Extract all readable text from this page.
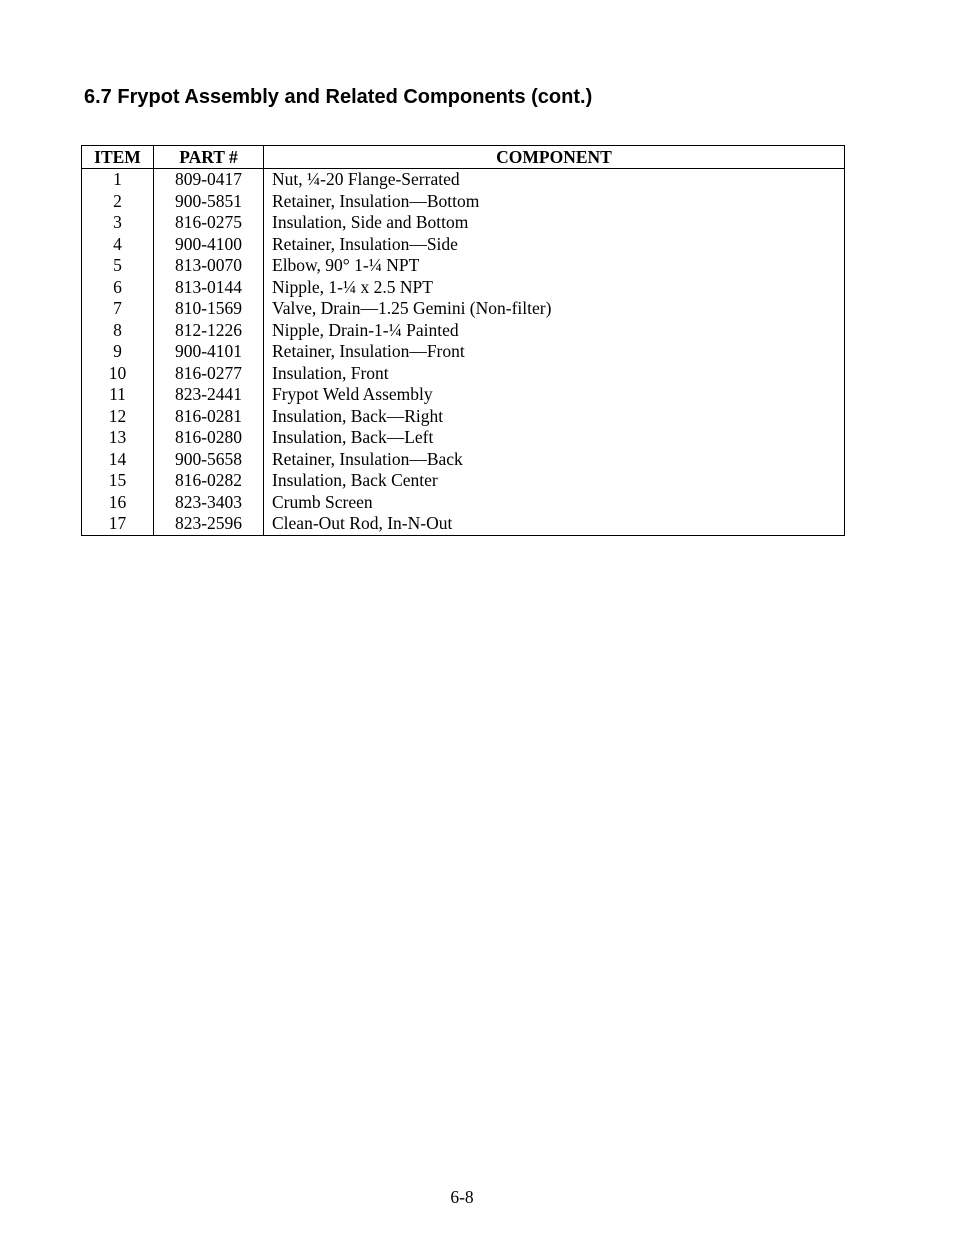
6.7 Frypot Assembly and Related Components (cont.)
ITEM	PART #	COMPONENT
1	809-0417	Nut, ¼-20 Flange-Serrated
2	900-5851	Retainer, Insulation—Bottom
3	816-0275	Insulation, Side and Bottom
4	900-4100	Retainer, Insulation—Side
5	813-0070	Elbow, 90° 1-¼ NPT
6	813-0144	Nipple, 1-¼ x 2.5 NPT
7	810-1569	Valve, Drain—1.25 Gemini (Non-filter)
8	812-1226	Nipple, Drain-1-¼ Painted
9	900-4101	Retainer, Insulation—Front
10	816-0277	Insulation, Front
11	823-2441	Frypot Weld Assembly
12	816-0281	Insulation, Back—Right
13	816-0280	Insulation, Back—Left
14	900-5658	Retainer, Insulation—Back
15	816-0282	Insulation, Back Center
16	823-3403	Crumb Screen
17	823-2596	Clean-Out Rod, In-N-Out
6-8
